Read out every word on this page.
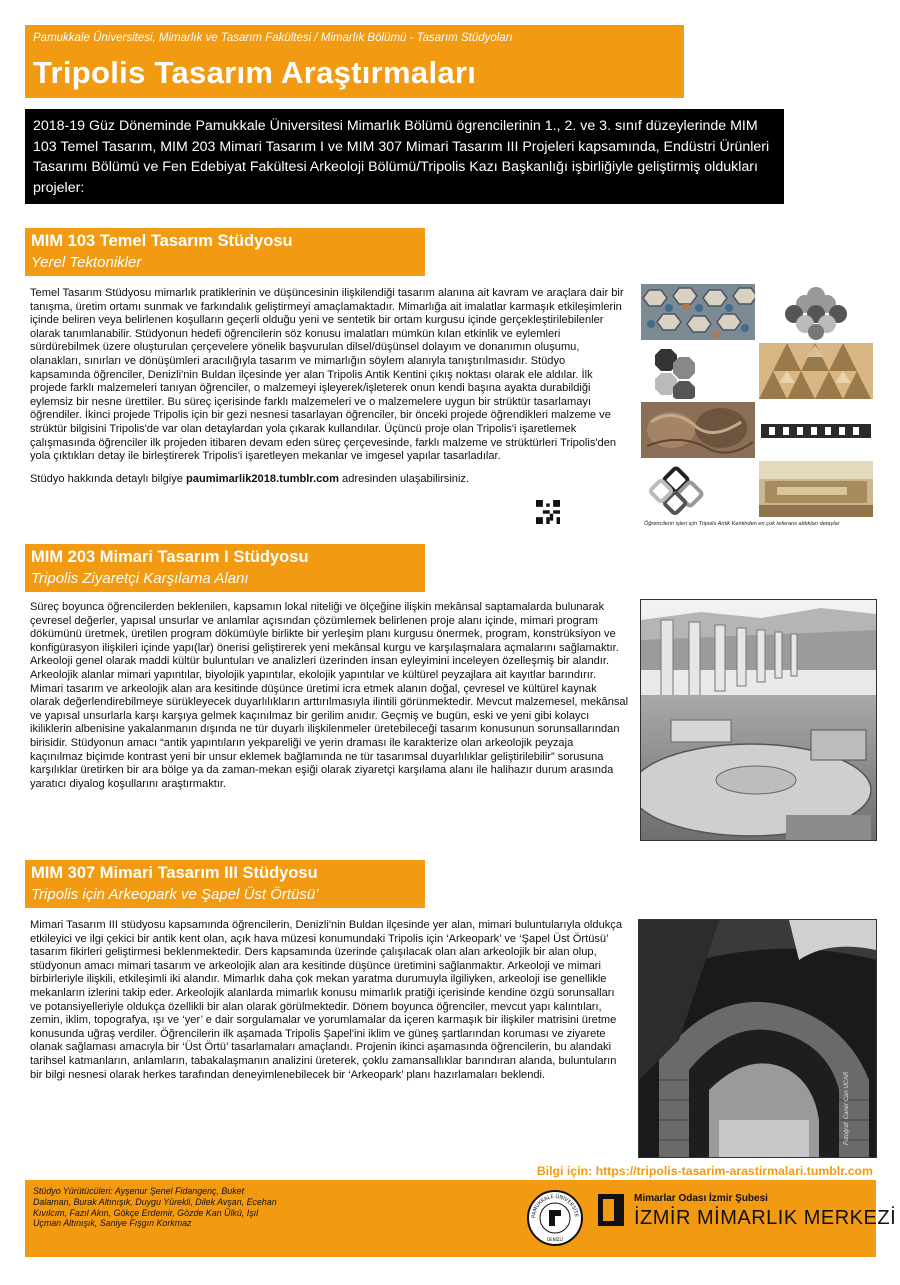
Pamukkale Üniversitesi, Mimarlık ve Tasarım Fakültesi / Mimarlık Bölümü - Tasarım Stüdyoları
Tripolis Tasarım Araştırmaları
2018-19 Güz Döneminde Pamukkale Üniversitesi Mimarlık Bölümü ögrencilerinin 1., 2. ve 3. sınıf düzeylerinde MIM 103 Temel Tasarım, MIM 203 Mimari Tasarım I ve MIM 307 Mimari Tasarım III Projeleri kapsamında, Endüstri Ürünleri Tasarımı Bölümü ve Fen Edebiyat Fakültesi Arkeoloji Bölümü/Tripolis Kazı Başkanlığı işbirliğiyle geliştirmiş oldukları projeler:
MIM 103 Temel Tasarım Stüdyosu
Yerel Tektonikler

Temel Tasarım Stüdyosu mimarlık pratiklerinin ve düşüncesinin ilişkilendiği tasarım alanına ait kavram ve araçlara dair bir tanışma, üretim ortamı sunmak ve farkındalık geliştirmeyi amaçlamaktadır. Mimarlığa ait imalatlar karmaşık etkileşimlerin içinde beliren veya belirlenen koşulların geçerli olduğu yeni ve sentetik bir ortam kurgusu içinde gerçekleştirilebilenler olarak tanımlanabilir. Stüdyonun hedefi öğrencilerin söz konusu imalatları mümkün kılan etkinlik ve eylemleri sürdürebilmek üzere oluşturulan çerçevelere yönelik başvurulan dilsel/düşünsel dolayım ve donanımın oluşumu, olanakları, sınırları ve dönüşümleri aracılığıyla tasarım ve mimarlığın söylem alanıyla tanıştırılmasıdır. Stüdyo kapsamında öğrenciler, Denizli'nin Buldan ilçesinde yer alan Tripolis Antik Kentini çıkış noktası olarak ele aldılar. İlk projede farklı malzemeleri tanıyan öğrenciler, o malzemeyi işleyerek/işleterek onun kendi başına ayakta durabildiği eylemsiz bir nesne ürettiler. Bu süreç içerisinde farklı malzemeleri ve o malzemelere uygun bir strüktür tasarlamayı öğrendiler. İkinci projede Tripolis için bir gezi nesnesi tasarlayan öğrenciler, bir önceki projede öğrendikleri malzeme ve strüktür bilgisini Tripolis'de var olan detaylardan yola çıkarak kullandılar. Üçüncü proje olan Tripolis'i işaretlemek çalışmasında öğrenciler ilk projeden itibaren devam eden süreç çerçevesinde, farklı malzeme ve strüktürleri Tripolis'den yola çıktıkları detay ile birleştirerek Tripolis'i işaretleyen mekanlar ve imgesel yapılar tasarladılar.

Stüdyo hakkında detaylı bilgiye paumimarlik2018.tumblr.com adresinden ulaşabilirsiniz.

Öğrencilerin işleri için Tripolis Antik Kentinden en çok referans aldıkları detaylar
MIM 203 Mimari Tasarım I Stüdyosu
Tripolis Ziyaretçi Karşılama Alanı

Süreç boyunca öğrencilerden beklenilen, kapsamın lokal niteliği ve ölçeğine ilişkin mekânsal saptamalarda bulunarak çevresel değerler, yapısal unsurlar ve anlamlar açısından çözümlemek belirlenen proje alanı içinde, mimari program dökümünü üretmek, üretilen program dökümüyle birlikte bir yerleşim planı kurgusu önermek, program, konstrüksiyon ve konfigürasyon ilişkileri içinde yapı(lar) önerisi geliştirerek yeni mekânsal kurgu ve karşılaşmalara açmalarını sağlamaktır. Arkeoloji genel olarak maddi kültür buluntuları ve analizleri üzerinden insan eyleyimini inceleyen özelleşmiş bir alandır. Arkeolojik alanlar mimari yapıntılar, biyolojik yapıntılar, ekolojik yapıntılar ve kültürel peyzajlara ait kayıtlar barındırır. Mimari tasarım ve arkeolojik alan ara kesitinde düşünce üretimi icra etmek alanın doğal, çevresel ve kültürel kaynak olarak değerlendirebilmeye sürükleyecek duyarlılıkların arttırılmasıyla ilintili görünmektedir. Mevcut malzemesel, mekânsal ve yapısal unsurlarla karşı karşıya gelmek kaçınılmaz bir gerilim anıdır. Geçmiş ve bugün, eski ve yeni gibi kolaycı ikiliklerin albenisine yakalanmanın dışında ne tür duyarlı ilişkilenmeler üretebileceği tasarım konusunun sorunsallarından birisidir. Stüdyonun amacı “antik yapıntıların yekpareliği ve yerin draması ile karakterize olan arkeolojik peyzaja kaçınılmaz biçimde kontrast yeni bir unsur eklemek bağlamında ne tür tasarımsal duyarlılıklar geliştirilebilir” sorusuna karşılıklar üretirken bir ara bölge ya da zaman-mekan eşiği olarak ziyaretçi karşılama alanı ile halihazır durum arasında yaratıcı diyalog koşullarını araştırmaktır.

MIM 307 Mimari Tasarım III Stüdyosu
Tripolis için Arkeopark ve Şapel Üst Örtüsü’

Mimari Tasarım III stüdyosu kapsamında öğrencilerin, Denizli'nin Buldan ilçesinde yer alan, mimari buluntularıyla oldukça etkileyici ve ilgi çekici bir antik kent olan, açık hava müzesi konumundaki Tripolis için ‘Arkeopark’ ve ‘Şapel Üst Örtüsü’ tasarım fikirleri geliştirmesi beklenmektedir. Ders kapsamında üzerinde çalışılacak olan alan arkeolojik bir alan olup, stüdyonun amacı mimari tasarım ve arkeolojik alan ara kesitinde düşünce üretimini sağlanmaktır. Arkeoloji ve mimari birbirleriyle ilişkili, etkileşimli iki alandır. Mimarlık daha çok mekan yaratma durumuyla ilgiliyken, arkeoloji ise genellikle mekanların izlerini takip eder. Arkeolojik alanlarda mimarlık konusu mimarlık pratiği içerisinde kendine özgü sorunsalları ve potansiyelleriyle oldukça özellikli bir alan olarak görülmektedir. Dönem boyunca öğrenciler, mevcut yapı kalıntıları, zemin, iklim, topografya, ışı ve ‘yer’ e dair sorgulamalar ve yorumlamalar da içeren karmaşık bir ilişkiler matrisini üretme konusunda uğraş verdiler. Öğrencilerin ilk aşamada Tripolis Şapel'ini iklim ve güneş şartlarından koruması ve ziyarete olanak sağlaması amacıyla bir ‘Üst Örtü’ tasarlamaları amaçlandı. Projenin ikinci aşamasında öğrencilerin, bu alandaki tarihsel katmanların, anlamların, tabakalaşmanın analizini üreterek, çoklu zamansallıklar barındıran alanda, buluntuların bir bilgi nesnesi olarak herkes tarafından deneyimlenebilecek bir ‘Arkeopark’ planı hazırlamaları beklendi.	Fotoğraf: Caner Can UCAR
Bilgi için: https://tripolis-tasarim-arastirmalari.tumblr.com
Stüdyo Yürütücüleri: Ayşenur Şenel Fidangenç, Buket Dalaman, Burak Altınışık, Duygu Yürekli, Dilek Avşan, Ecehan Kıvılcım, Fazıl Akın, Gökçe Erdemir, Gözde Kan Ülkü, Işıl Uçman Altınışık, Saniye Fışgın Korkmaz
PAMUKKALE ÜNİVERSİTE
DENİZLİ
Mimarlar Odası İzmir Şubesi
İZMİR MİMARLIK MERKEZİ
